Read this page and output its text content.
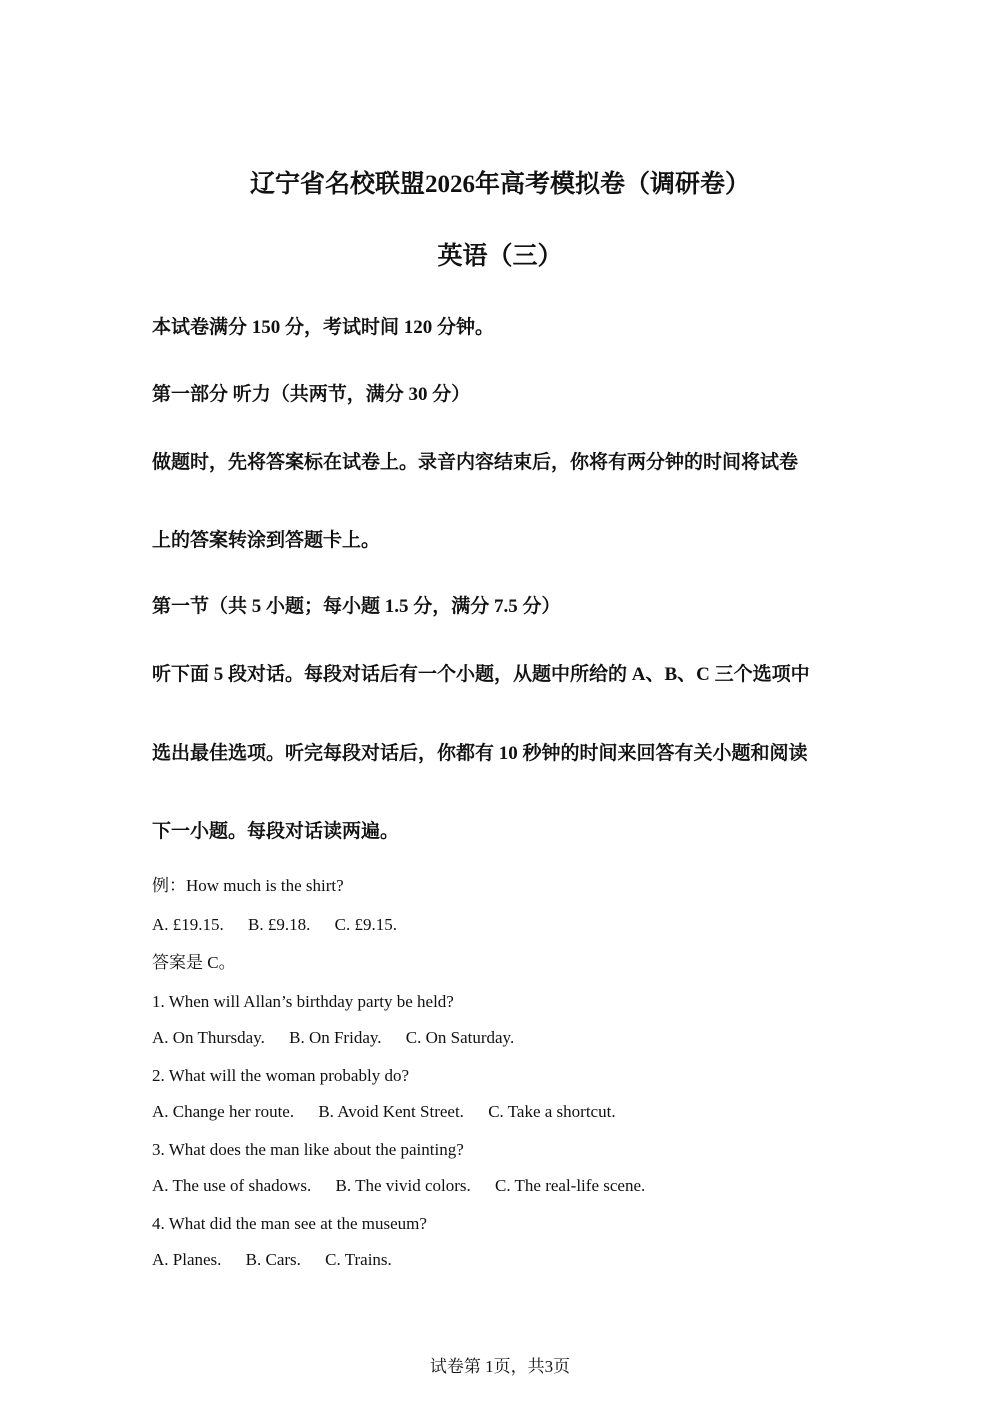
辽宁省名校联盟2026年高考模拟卷（调研卷）
英语（三）
本试卷满分 150 分，考试时间 120 分钟。
第一部分 听力（共两节，满分 30 分）
做题时，先将答案标在试卷上。录音内容结束后，你将有两分钟的时间将试卷
上的答案转涂到答题卡上。
第一节（共 5 小题；每小题 1.5 分，满分 7.5 分）
听下面 5 段对话。每段对话后有一个小题，从题中所给的 A、B、C 三个选项中
选出最佳选项。听完每段对话后，你都有 10 秒钟的时间来回答有关小题和阅读
下一小题。每段对话读两遍。
例：How much is the shirt?
A. £19.15. B. £9.18. C. £9.15.
答案是 C。
1. When will Allan’s birthday party be held?
A. On Thursday. B. On Friday. C. On Saturday.
2. What will the woman probably do?
A. Change her route. B. Avoid Kent Street. C. Take a shortcut.
3. What does the man like about the painting?
A. The use of shadows. B. The vivid colors. C. The real-life scene.
4. What did the man see at the museum?
A. Planes. B. Cars. C. Trains.
试卷第 1页，共3页
